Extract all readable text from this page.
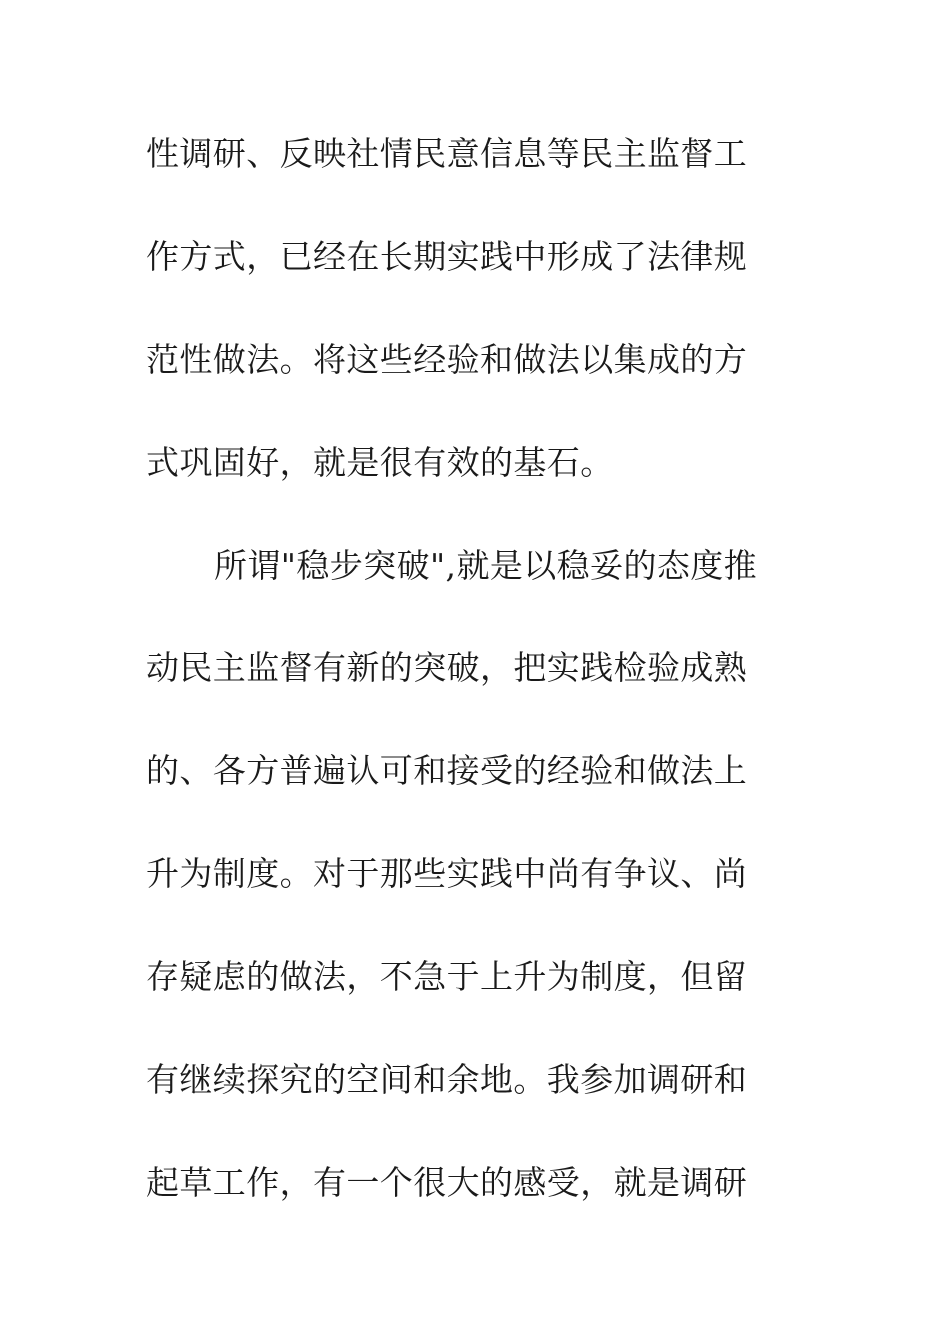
性调研、反映社情民意信息等民主监督工
作方式，已经在长期实践中形成了法律规
范性做法。将这些经验和做法以集成的方
式巩固好，就是很有效的基石。
所谓"稳步突破",就是以稳妥的态度推
动民主监督有新的突破，把实践检验成熟
的、各方普遍认可和接受的经验和做法上
升为制度。对于那些实践中尚有争议、尚
存疑虑的做法，不急于上升为制度，但留
有继续探究的空间和余地。我参加调研和
起草工作，有一个很大的感受，就是调研
